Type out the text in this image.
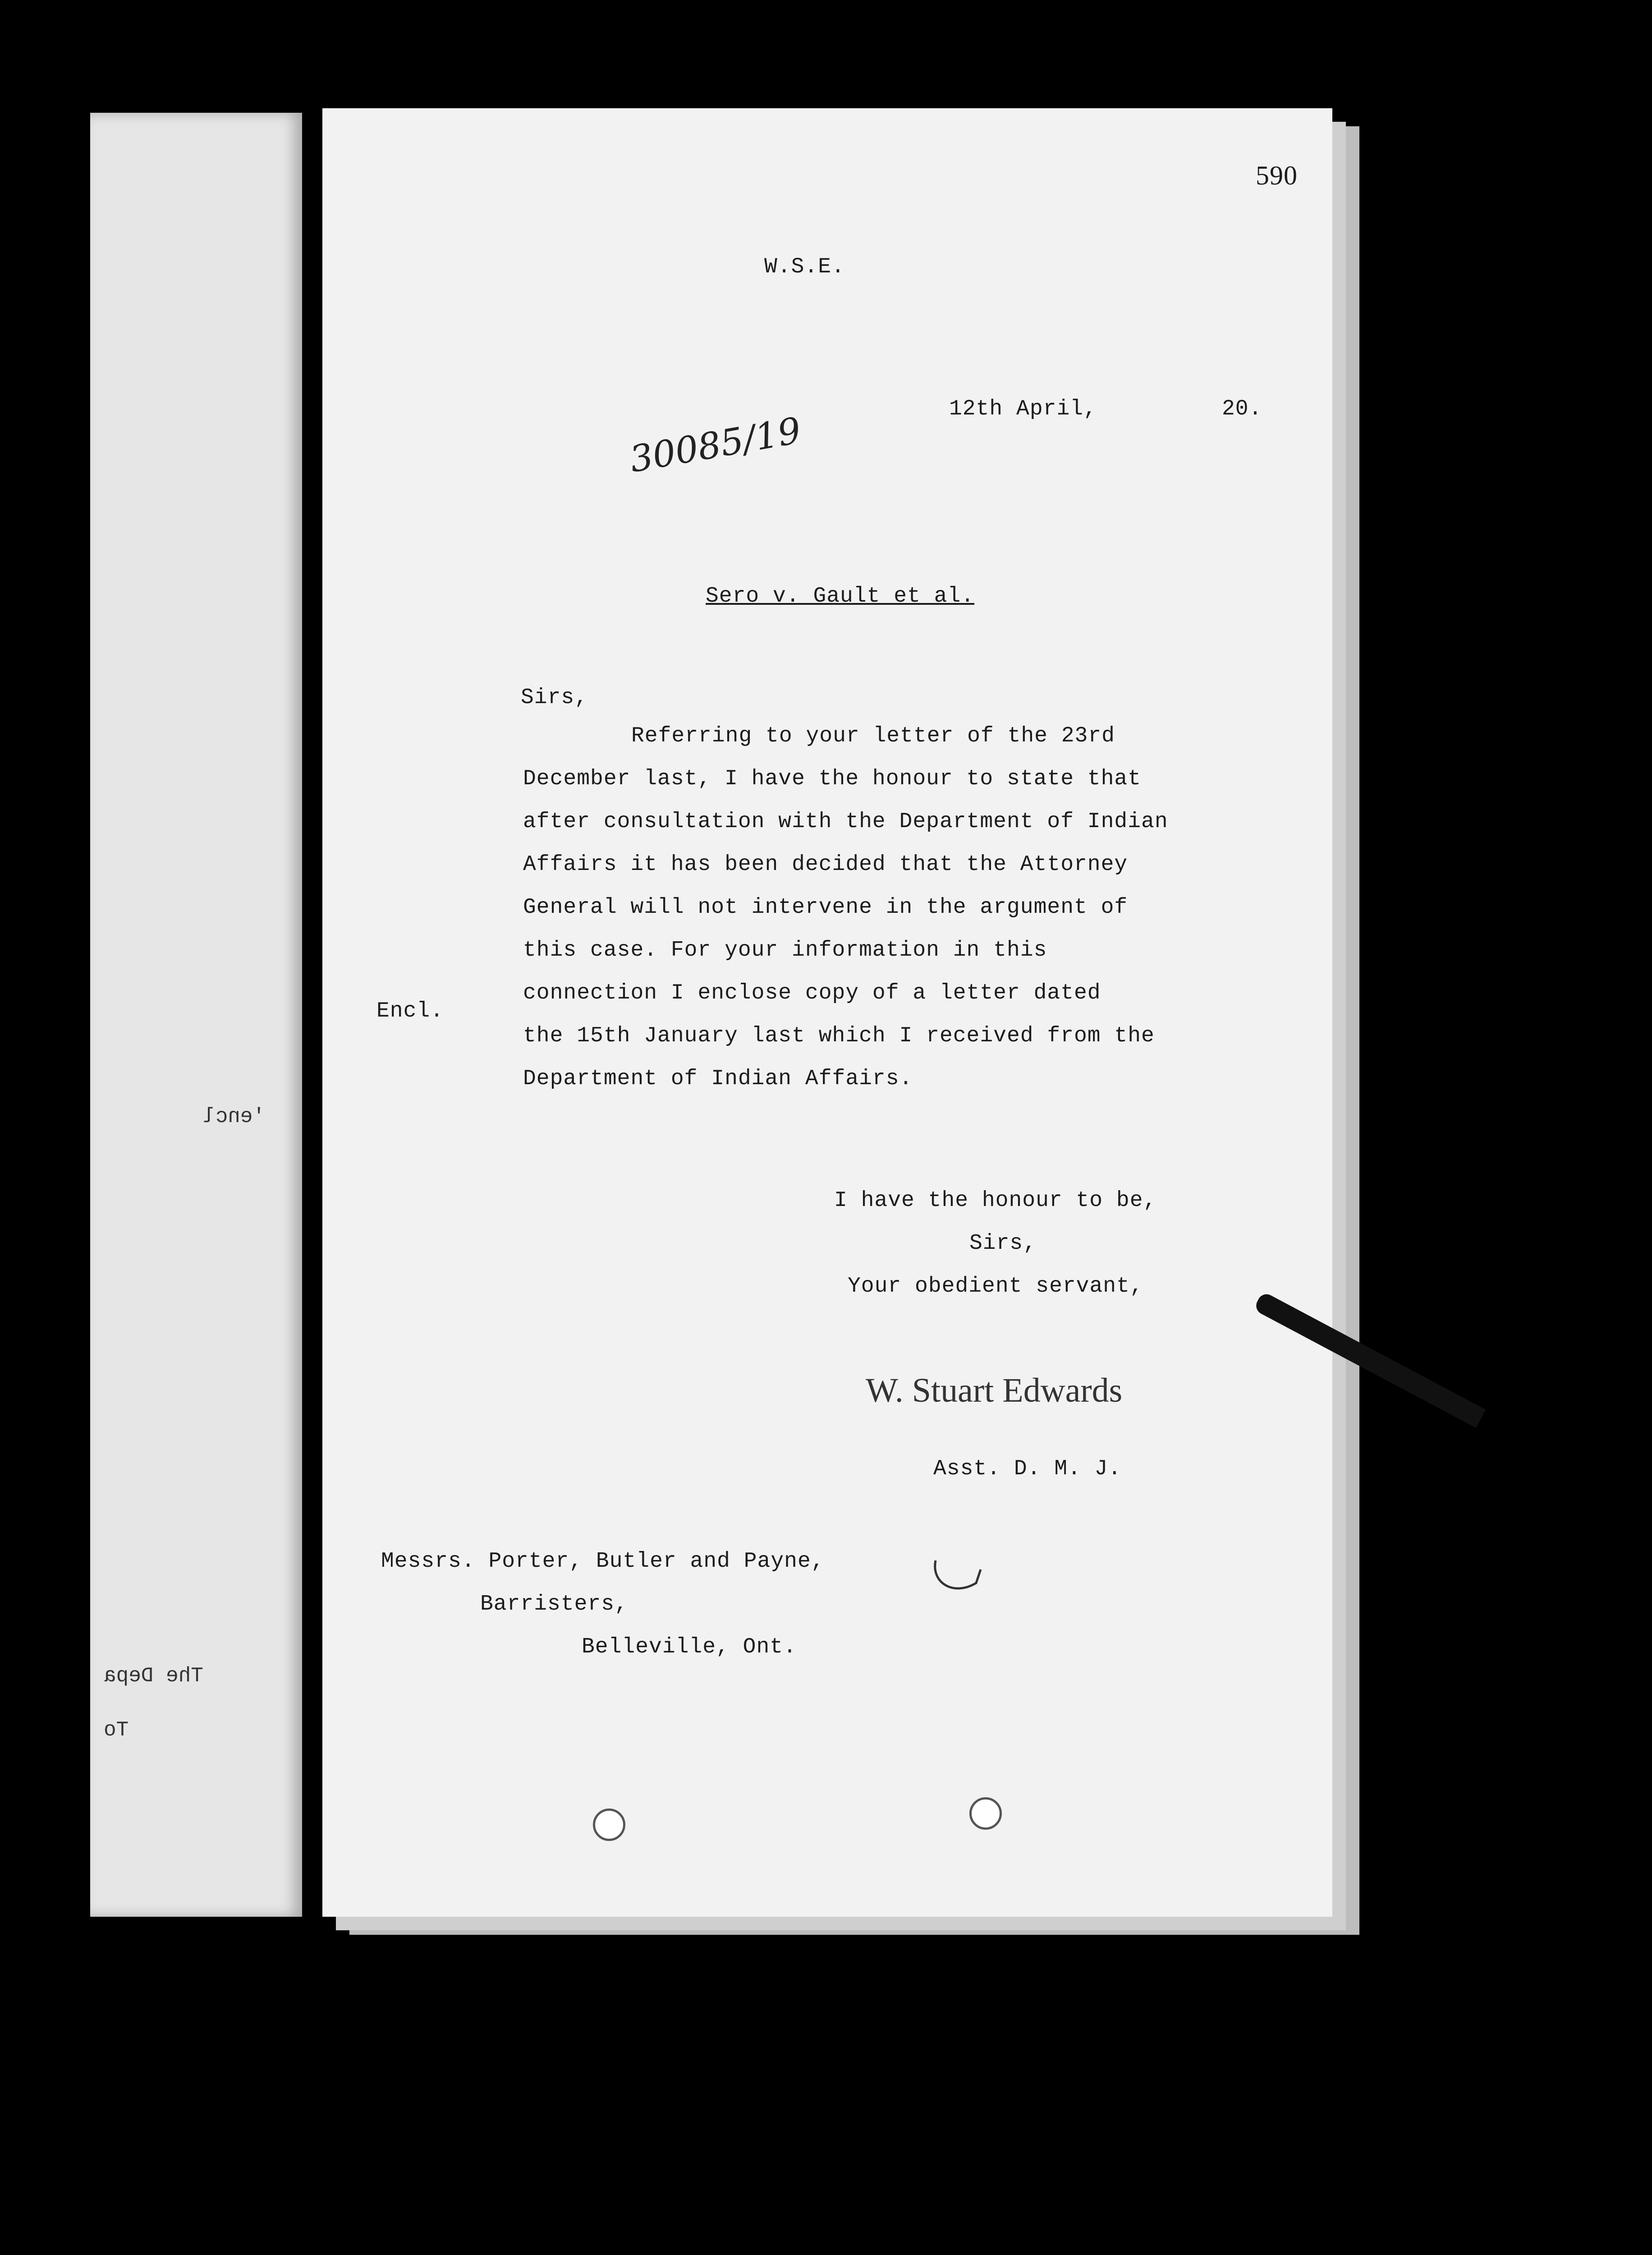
'encl
The Depa
To
590
W.S.E.
12th April,	20.
30085/19
Sero v. Gault et al.
Sirs,
Referring to your letter of the 23rd
December last, I have the honour to state that
after consultation with the Department of Indian
Affairs it has been decided that the Attorney
General will not intervene in the argument of
this case. For your information in this
connection I enclose copy of a letter dated
the 15th January last which I received from the
Department of Indian Affairs.
Encl.
I have the honour to be,
Sirs,
Your obedient servant,
W. Stuart Edwards
Asst. D. M. J.
Messrs. Porter, Butler and Payne,
Barristers,
Belleville, Ont.
